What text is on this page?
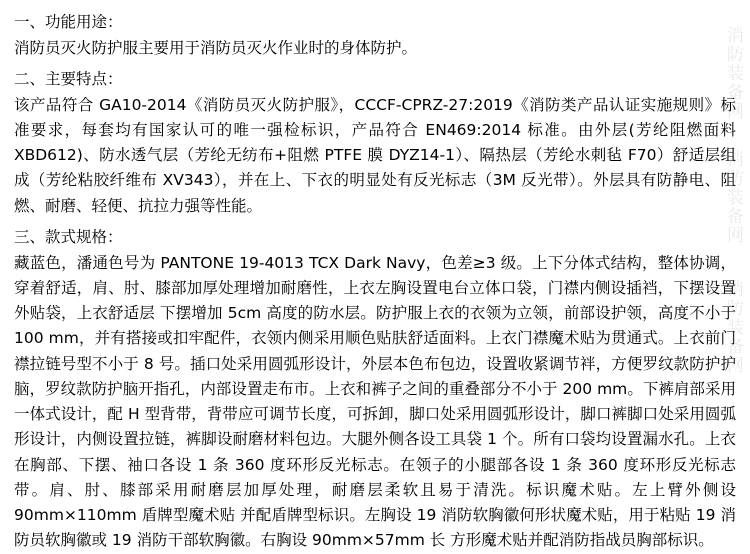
消防装备网
消防装备网
消防装备网

一、功能用途：

消防员灭火防护服主要用于消防员灭火作业时的身体防护。

二、主要特点：

该产品符合 GA10-2014《消防员灭火防护服》，CCCF-CPRZ-27:2019《消防类产品认证实施规则》标准要求，每套均有国家认可的唯一强检标识，产品符合 EN469:2014 标准。由外层(芳纶阻燃面料 XBD612)、防水透气层（芳纶无纺布+阻燃 PTFE 膜 DYZ14-1）、隔热层（芳纶水刺毡 F70）舒适层组成（芳纶粘胶纤维布 XV343），并在上、下衣的明显处有反光标志（3M 反光带）。外层具有防静电、阻燃、耐磨、轻便、抗拉力强等性能。

三、款式规格：

藏蓝色，潘通色号为 PANTONE 19-4013 TCX Dark Navy，色差≥3 级。上下分体式结构，整体协调，穿着舒适，肩、肘、膝部加厚处理增加耐磨性，上衣左胸设置电台立体口袋，门襟内侧设插裆，下摆设置外贴袋，上衣舒适层 下摆增加 5cm 高度的防水层。防护服上衣的衣领为立领，前部设护领，高度不小于 100 mm，并有搭接或扣牢配件，衣领内侧采用顺色贴肤舒适面料。上衣门襟魔术贴为贯通式。上衣前门襟拉链号型不小于 8 号。插口处采用圆弧形设计，外层本色布包边，设置收紧调节袢，方便罗纹款防护护脑，罗纹款防护脑开指孔，内部设置走布市。上衣和裤子之间的重叠部分不小于 200 mm。下裤肩部采用一体式设计，配 H 型背带，背带应可调节长度，可拆卸，脚口处采用圆弧形设计，脚口裤脚口处采用圆弧形设计，内侧设置拉链，裤脚设耐磨材料包边。大腿外侧各设工具袋 1 个。所有口袋均设置漏水孔。上衣在胸部、下摆、袖口各设 1 条 360 度环形反光标志。在领子的小腿部各设 1 条 360 度环形反光标志带。肩、肘、膝部采用耐磨层加厚处理，耐磨层柔软且易于清洗。标识魔术贴。左上臂外侧设90mm×110mm 盾牌型魔术贴 并配盾牌型标识。左胸设 19 消防软胸徽何形状魔术贴，用于粘贴 19 消防员软胸徽或 19 消防干部软胸徽。右胸设 90mm×57mm 长 方形魔术贴并配消防指战员胸部标识。
